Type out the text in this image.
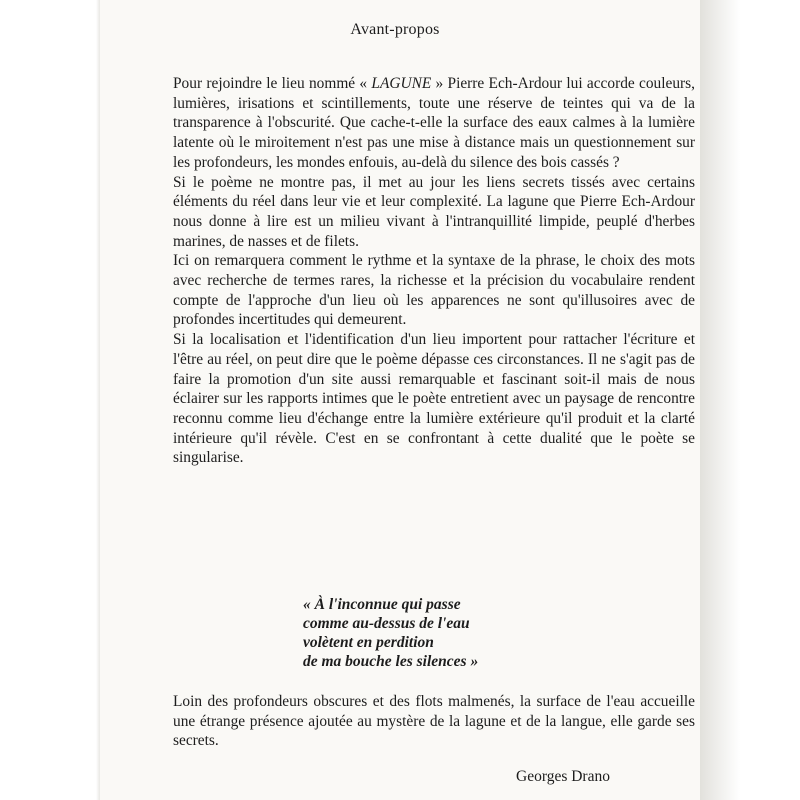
Avant-propos

Pour rejoindre le lieu nommé « LAGUNE » Pierre Ech-Ardour lui accorde couleurs, lumières, irisations et scintillements, toute une réserve de teintes qui va de la transparence à l'obscurité. Que cache-t-elle la surface des eaux calmes à la lumière latente où le miroitement n'est pas une mise à distance mais un questionnement sur les profondeurs, les mondes enfouis, au-delà du silence des bois cassés ?

Si le poème ne montre pas, il met au jour les liens secrets tissés avec certains éléments du réel dans leur vie et leur complexité. La lagune que Pierre Ech-Ardour nous donne à lire est un milieu vivant à l'intranquillité limpide, peuplé d'herbes marines, de nasses et de filets.

Ici on remarquera comment le rythme et la syntaxe de la phrase, le choix des mots avec recherche de termes rares, la richesse et la précision du vocabulaire rendent compte de l'approche d'un lieu où les apparences ne sont qu'illusoires avec de profondes incertitudes qui demeurent.

Si la localisation et l'identification d'un lieu importent pour rattacher l'écriture et l'être au réel, on peut dire que le poème dépasse ces circonstances. Il ne s'agit pas de faire la promotion d'un site aussi remarquable et fascinant soit-il mais de nous éclairer sur les rapports intimes que le poète entretient avec un paysage de rencontre reconnu comme lieu d'échange entre la lumière extérieure qu'il produit et la clarté intérieure qu'il révèle. C'est en se confrontant à cette dualité que le poète se singularise.

« À l'inconnue qui passe
comme au-dessus de l'eau
volètent en perdition
de ma bouche les silences »
Loin des profondeurs obscures et des flots malmenés, la surface de l'eau accueille une étrange présence ajoutée au mystère de la lagune et de la langue, elle garde ses secrets.
Georges Drano
